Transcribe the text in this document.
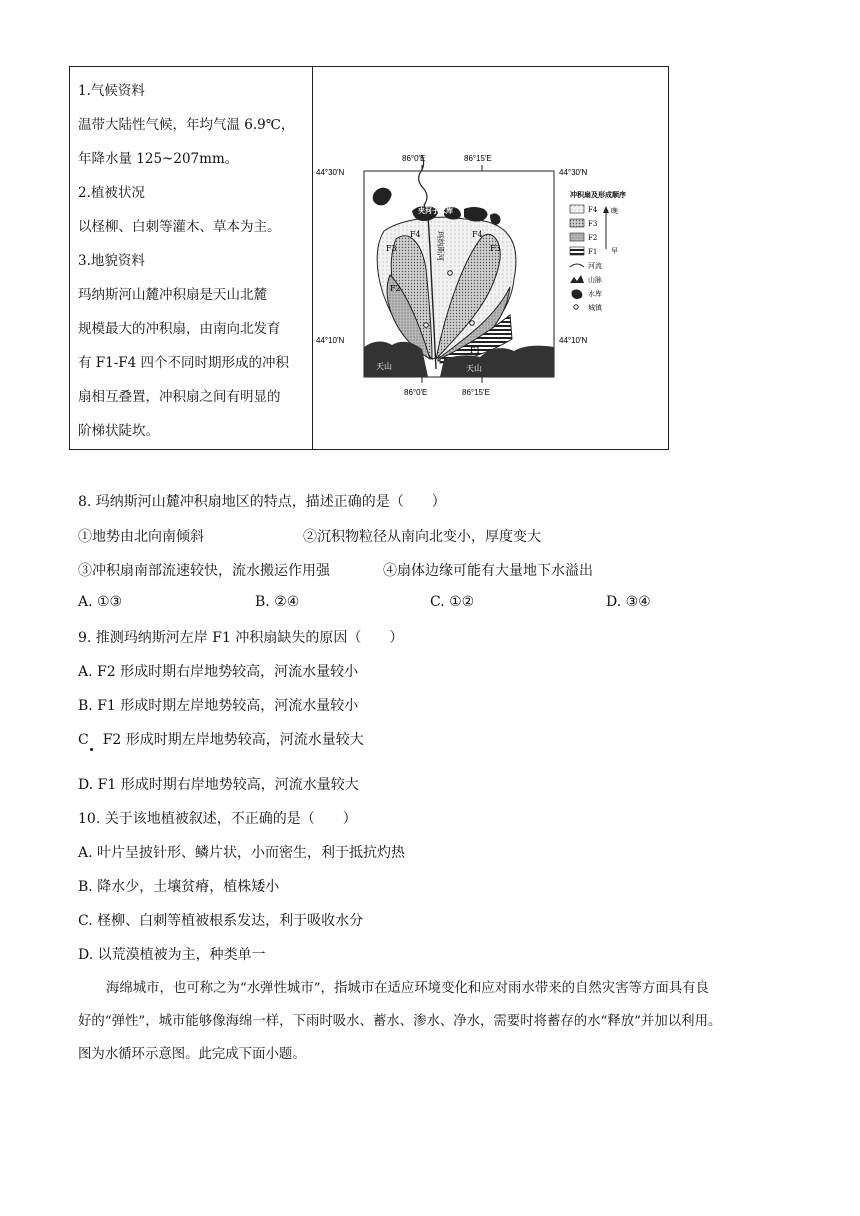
1.气候资料
温带大陆性气候，年均气温 6.9℃，
年降水量 125~207mm。
2.植被状况
以柽柳、白刺等灌木、草本为主。
3.地貌资料
玛纳斯河山麓冲积扇是天山北麓
规模最大的冲积扇，由南向北发育
有 F1-F4 四个不同时期形成的冲积
扇相互叠置，冲积扇之间有明显的
阶梯状陡坎。
86°0′E	86°15′E
44°30′N	44°30′N
44°10′N
44°10′N
86°0′E	86°15′E
夹河子水库
F4	F4
F3	F3
F2
F1
玛纳斯河
天山	天山
冲积扇及形成顺序
F4
F3
F2
F1
河流
山脉
水库
城镇
晚
早
8. 玛纳斯河山麓冲积扇地区的特点，描述正确的是（　　）
①地势由北向南倾斜	②沉积物粒径从南向北变小，厚度变大
③冲积扇南部流速较快，流水搬运作用强	④扇体边缘可能有大量地下水溢出
A. ①③	B. ②④	C. ①②	D. ③④
9. 推测玛纳斯河左岸 F1 冲积扇缺失的原因（　　）
A. F2 形成时期右岸地势较高，河流水量较小
B. F1 形成时期左岸地势较高，河流水量较小
C　F2 形成时期左岸地势较高，河流水量较大
D. F1 形成时期右岸地势较高，河流水量较大
10. 关于该地植被叙述，不正确的是（　　）
A. 叶片呈披针形、鳞片状，小而密生，利于抵抗灼热
B. 降水少，土壤贫瘠，植株矮小
C. 柽柳、白刺等植被根系发达，利于吸收水分
D. 以荒漠植被为主，种类单一
海绵城市，也可称之为“水弹性城市”，指城市在适应环境变化和应对雨水带来的自然灾害等方面具有良
好的“弹性”，城市能够像海绵一样，下雨时吸水、蓄水、渗水、净水，需要时将蓄存的水“释放”并加以利用。
图为水循环示意图。此完成下面小题。
